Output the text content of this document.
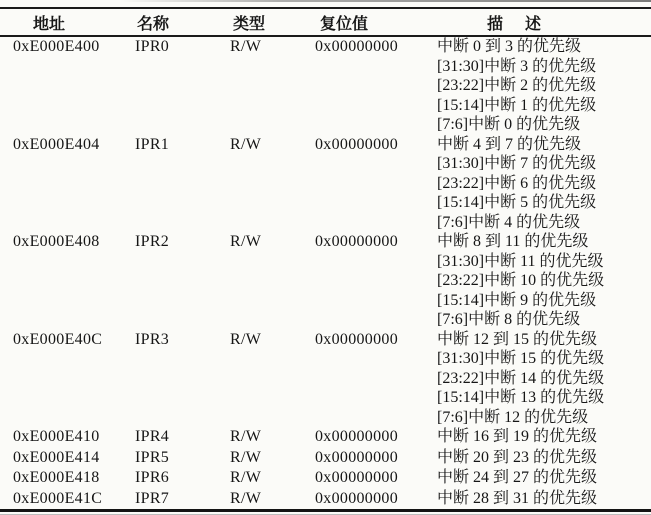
地址	名称	类型	复位值	描　述
0xE000E400	IPR0	R/W	0x00000000	中断 0 到 3 的优先级
[31:30]中断 3 的优先级
[23:22]中断 2 的优先级
[15:14]中断 1 的优先级
[7:6]中断 0 的优先级
0xE000E404	IPR1	R/W	0x00000000	中断 4 到 7 的优先级
[31:30]中断 7 的优先级
[23:22]中断 6 的优先级
[15:14]中断 5 的优先级
[7:6]中断 4 的优先级
0xE000E408	IPR2	R/W	0x00000000	中断 8 到 11 的优先级
[31:30]中断 11 的优先级
[23:22]中断 10 的优先级
[15:14]中断 9 的优先级
[7:6]中断 8 的优先级
0xE000E40C	IPR3	R/W	0x00000000	中断 12 到 15 的优先级
[31:30]中断 15 的优先级
[23:22]中断 14 的优先级
[15:14]中断 13 的优先级
[7:6]中断 12 的优先级
0xE000E410	IPR4	R/W	0x00000000	中断 16 到 19 的优先级
0xE000E414	IPR5	R/W	0x00000000	中断 20 到 23 的优先级
0xE000E418	IPR6	R/W	0x00000000	中断 24 到 27 的优先级
0xE000E41C	IPR7	R/W	0x00000000	中断 28 到 31 的优先级
